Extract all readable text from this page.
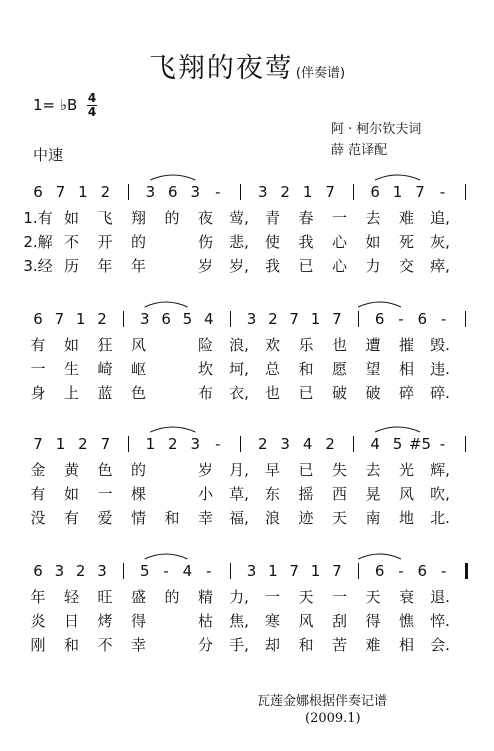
飞翔的夜莺 (伴奏谱)
1= ♭B 4
4
中速
阿 · 柯尔钦夫词
薛 范译配
6 7 1 2 3 6 3 - 3 2 1 7 6 1 7 -
1.有 如 飞 翔 的 夜 莺, 青 春 一 去 难 追,
2.解 不 开 的	伤 悲, 使 我 心 如 死 灰,
3.经 历 年 年	岁 岁, 我 已 心 力 交 瘁,
6 7 1 2 3 6 5 4 3 2 7 1 7 6 - 6 -
有 如 狂 风	险 浪, 欢 乐 也 遭 摧 毁.
一 生 崎 岖	坎 坷, 总 和 愿 望 相 违.
身 上 蓝 色	布 衣, 也 已 破 破 碎 碎.
7 1 2 7 1 2 3 - 2 3 4 2 4 5 #5 -
金 黄 色 的	岁 月, 早 已 失 去 光 辉,
有 如 一 棵	小 草, 东 摇 西 晃 风 吹,
没 有 爱 情 和 幸 福, 浪 迹 天 南 地 北.
6 3 2 3 5 - 4 - 3 1 7 1 7 6 - 6 -
年 轻 旺 盛 的 精 力, 一 天 一 天 衰 退.
炎 日 烤 得	枯 焦, 寒 风 刮 得 憔 悴.
刚 和 不 幸	分 手, 却 和 苦 难 相 会.
瓦莲金娜根据伴奏记谱
(2009.1)
